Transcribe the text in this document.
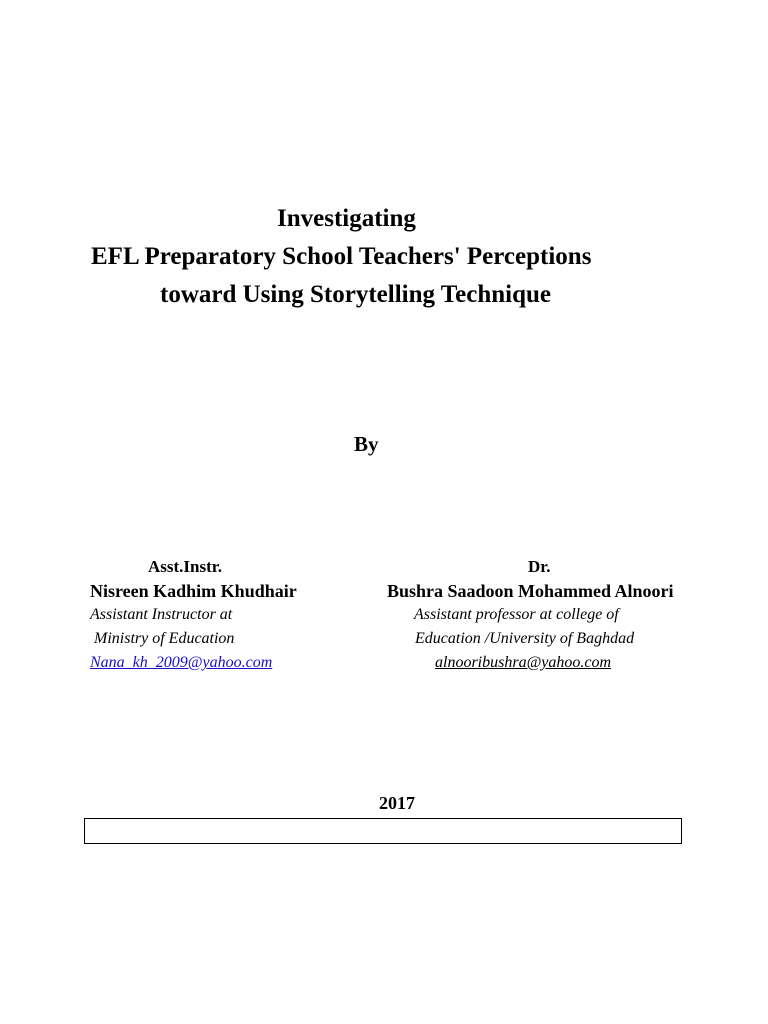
Investigating
EFL Preparatory School Teachers' Perceptions
toward Using Storytelling Technique
By
Asst.Instr.
Nisreen Kadhim Khudhair
Assistant Instructor at
Ministry of Education
Nana_kh_2009@yahoo.com
Dr.
Bushra Saadoon Mohammed Alnoori
Assistant professor at college of
Education /University of Baghdad
alnooribushra@yahoo.com
2017
